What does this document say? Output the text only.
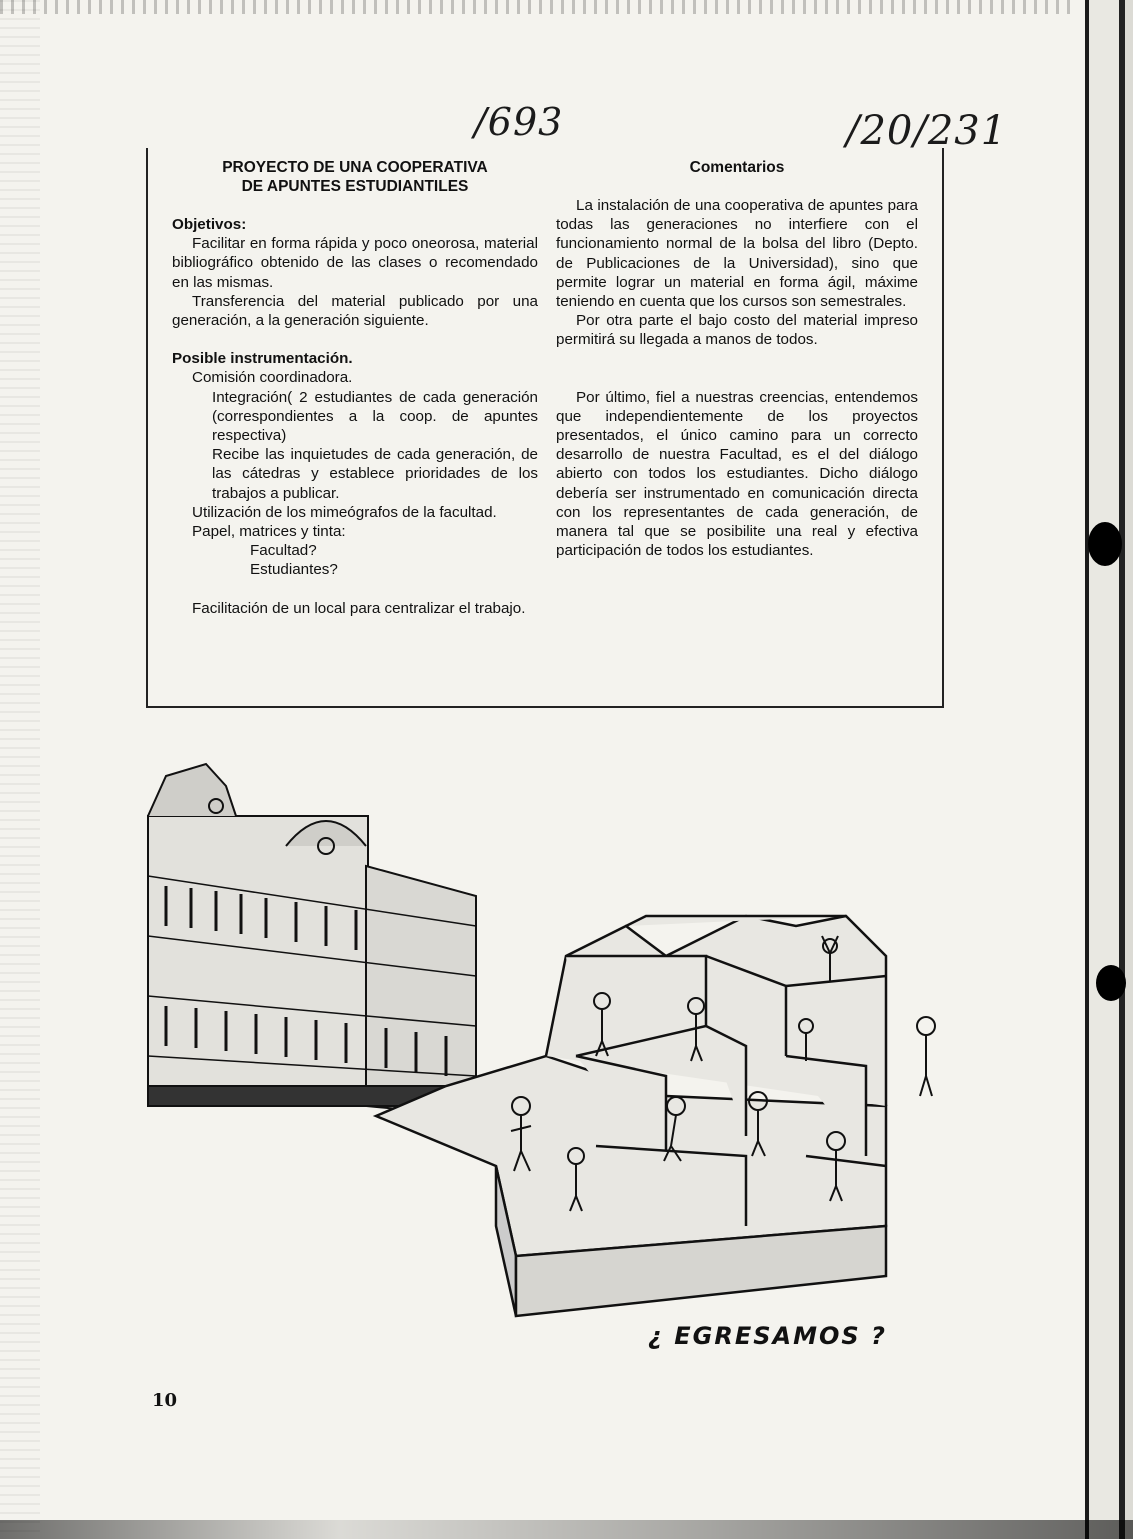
/693	/20/231

PROYECTO DE UNA COOPERATIVA

DE APUNTES ESTUDIANTILES

Objetivos:

Facilitar en forma rápida y poco oneorosa, material bibliográfico obtenido de las clases o recomendado en las mismas.

Transferencia del material publicado por una generación, a la generación siguiente.

Posible instrumentación.

Comisión coordinadora.

Integración( 2 estudiantes de cada generación (correspondientes a la coop. de apuntes respectiva)

Recibe las inquietudes de cada generación, de las cátedras y establece prioridades de los trabajos a publicar.

Utilización de los mimeógrafos de la facultad.

Papel, matrices y tinta:

Facultad?

Estudiantes?

Facilitación de un local para centralizar el trabajo.

Comentarios

La instalación de una cooperativa de apuntes para todas las generaciones no interfiere con el funcionamiento normal de la bolsa del libro (Depto. de Publicaciones de la Universidad), sino que permite lograr un material en forma ágil, máxime teniendo en cuenta que los cursos son semestrales.

Por otra parte el bajo costo del material impreso permitirá su llegada a manos de todos.

Por último, fiel a nuestras creencias, entendemos que independientemente de los proyectos presentados, el único camino para un correcto desarrollo de nuestra Facultad, es el del diálogo abierto con todos los estudiantes. Dicho diálogo debería ser instrumentado en comunicación directa con los representantes de cada generación, de manera tal que se posibilite una real y efectiva participación de todos los estudiantes.

¿ EGRESAMOS ?
10
